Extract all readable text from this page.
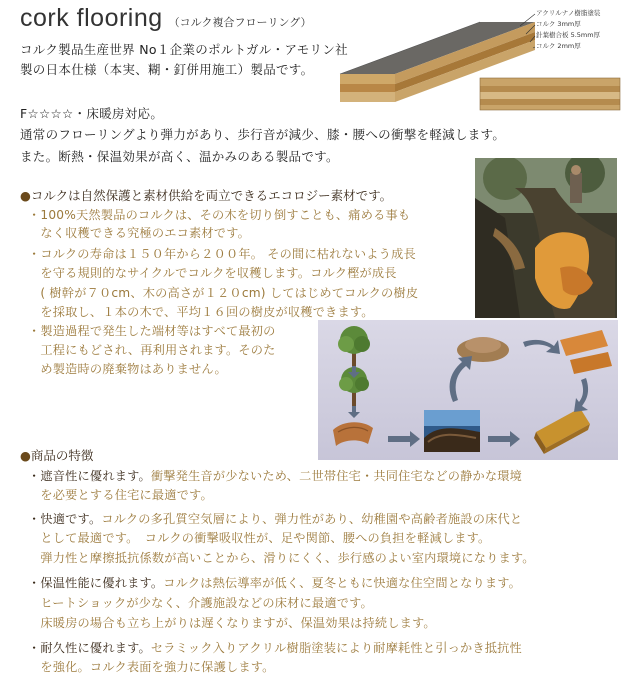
cork flooring （コルク複合フローリング）
コルク製品生産世界 No１企業のポルトガル・アモリン社
製の日本仕様（本実、糊・釘併用施工）製品です。
F☆☆☆☆・床暖房対応。
通常のフローリングより弾力があり、歩行音が減少、膝・腰への衝撃を軽減します。
また。断熱・保温効果が高く、温かみのある製品です。
アクリルナノ樹脂塗装
コルク 3mm厚
針葉樹合板 5.5mm厚
コルク 2mm厚
●コルクは自然保護と素材供給を両立できるエコロジー素材です。
・100%天然製品のコルクは、その木を切り倒すことも、痛める事も
　なく収穫できる究極のエコ素材です。
・コルクの寿命は１５０年から２００年。 その間に枯れないよう成長
　を守る規則的なサイクルでコルクを収穫します。コルク樫が成長
　( 樹幹が７０cm、木の高さが１２０cm) してはじめてコルクの樹皮
　を採取し、１本の木で、平均１６回の樹皮が収穫できます。
・製造過程で発生した端材等はすべて最初の
　工程にもどされ、再利用されます。そのた
　め製造時の廃棄物はありません。
●商品の特徴
・遮音性に優れます。衝撃発生音が少ないため、二世帯住宅・共同住宅などの静かな環境
　を必要とする住宅に最適です。
・快適です。コルクの多孔質空気層により、弾力性があり、幼稚園や高齢者施設の床代と
　として最適です。　コルクの衝撃吸収性が、足や関節、腰への負担を軽減します。
　弾力性と摩擦抵抗係数が高いことから、滑りにくく、歩行感のよい室内環境になります。
・保温性能に優れます。コルクは熱伝導率が低く、夏冬ともに快適な住空間となります。
　ヒートショックが少なく、介護施設などの床材に最適です。
　床暖房の場合も立ち上がりは遅くなりますが、保温効果は持続します。
・耐久性に優れます。セラミック入りアクリル樹脂塗装により耐摩耗性と引っかき抵抗性
　を強化。コルク表面を強力に保護します。
